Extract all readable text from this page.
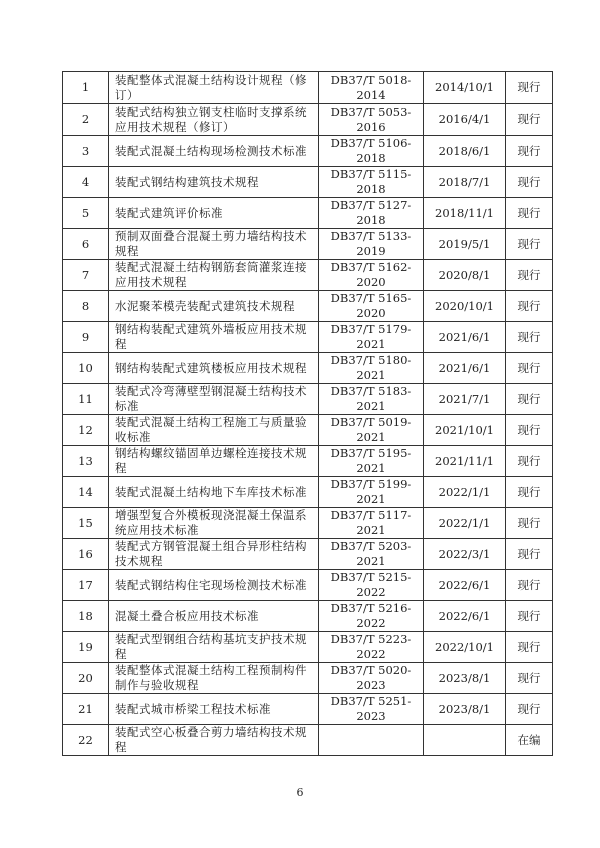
1	装配整体式混凝土结构设计规程（修订）	DB37/T 5018-2014	2014/10/1	现行
2	装配式结构独立钢支柱临时支撑系统应用技术规程（修订）	DB37/T 5053-2016	2016/4/1	现行
3	装配式混凝土结构现场检测技术标准	DB37/T 5106-2018	2018/6/1	现行
4	装配式钢结构建筑技术规程	DB37/T 5115-2018	2018/7/1	现行
5	装配式建筑评价标准	DB37/T 5127-2018	2018/11/1	现行
6	预制双面叠合混凝土剪力墙结构技术规程	DB37/T 5133-2019	2019/5/1	现行
7	装配式混凝土结构钢筋套筒灌浆连接应用技术规程	DB37/T 5162-2020	2020/8/1	现行
8	水泥聚苯模壳装配式建筑技术规程	DB37/T 5165-2020	2020/10/1	现行
9	钢结构装配式建筑外墙板应用技术规程	DB37/T 5179-2021	2021/6/1	现行
10	钢结构装配式建筑楼板应用技术规程	DB37/T 5180-2021	2021/6/1	现行
11	装配式冷弯薄壁型钢混凝土结构技术标准	DB37/T 5183-2021	2021/7/1	现行
12	装配式混凝土结构工程施工与质量验收标准	DB37/T 5019-2021	2021/10/1	现行
13	钢结构螺纹锚固单边螺栓连接技术规程	DB37/T 5195-2021	2021/11/1	现行
14	装配式混凝土结构地下车库技术标准	DB37/T 5199-2021	2022/1/1	现行
15	增强型复合外模板现浇混凝土保温系统应用技术标准	DB37/T 5117-2021	2022/1/1	现行
16	装配式方钢管混凝土组合异形柱结构技术规程	DB37/T 5203-2021	2022/3/1	现行
17	装配式钢结构住宅现场检测技术标准	DB37/T 5215-2022	2022/6/1	现行
18	混凝土叠合板应用技术标准	DB37/T 5216-2022	2022/6/1	现行
19	装配式型钢组合结构基坑支护技术规程	DB37/T 5223-2022	2022/10/1	现行
20	装配整体式混凝土结构工程预制构件制作与验收规程	DB37/T 5020-2023	2023/8/1	现行
21	装配式城市桥梁工程技术标准	DB37/T 5251-2023	2023/8/1	现行
22	装配式空心板叠合剪力墙结构技术规程			在编
6
